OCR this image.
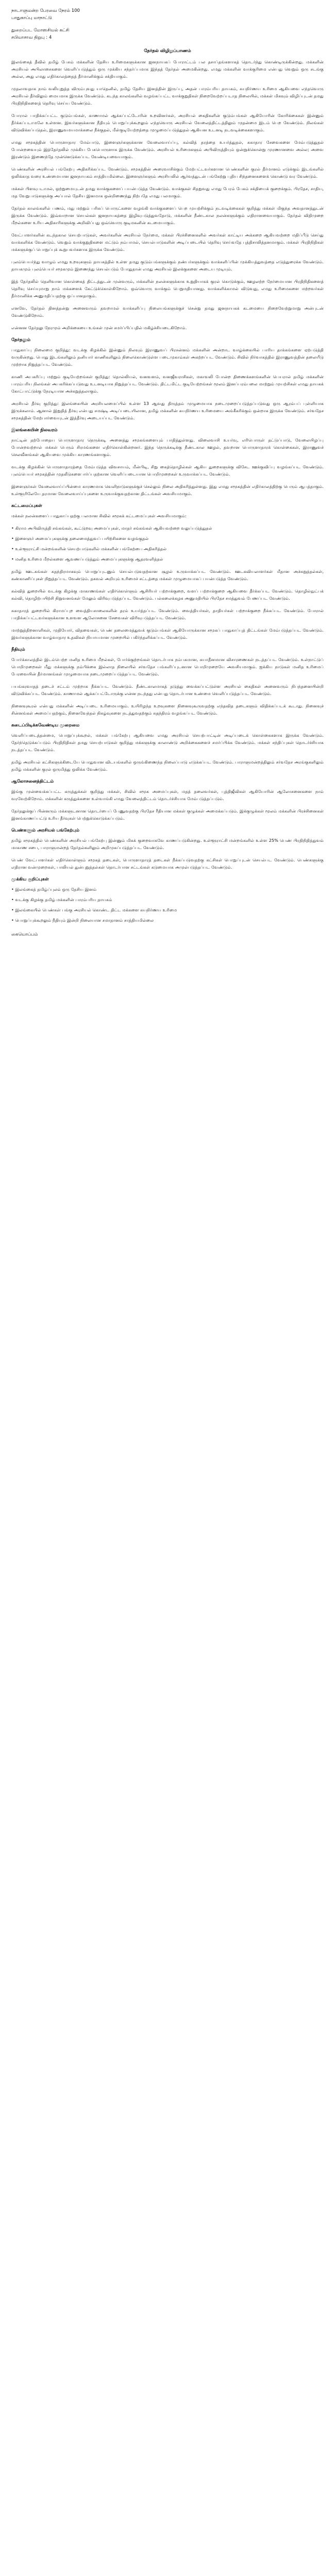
நாடாளுமன்ற பேரவை நேரம் 100

பாதுகாப்பு மாநாட்டு

துறைப்பட மோஸசியல் கட்சி

சபியாசாவ திறுபு : 4

தேர்தல் விழிறுப்பாணம்

இலங்கைத் தீவில் தமிழ் பேசும் மக்களின் தேசிய உரிமைகளுக்கான ஜனநாயகப் போராட்டம் பல தசாப்தங்களாகத் தொடர்ந்து கொண்டிருக்கின்றது. மக்களின் அரசியல் அபிலாசைகளை வெளிப்படுத்தும் ஒரு முக்கிய சந்தர்ப்பமாக இந்தத் தேர்தல் அமைகின்றது. எமது மக்களின் வாக்குரிமை என்பது வெறும் ஒரு சடங்கு அல்ல, அது எமது எதிர்காலத்தைத் தீர்மானிக்கும் சக்தியாகும்.

முதலாவதாக நாம் வலியுறுத்த விரும்புவது யாதெனில், தமிழ் தேசிய இனத்தின் இருப்பு, அதன் பாரம்பரிய தாயகம், சுயநிர்ணய உரிமை ஆகியவை எந்தவொரு அரசியல் தீர்விலும் மையமாக இருக்க வேண்டும். கடந்த காலங்களில் வழங்கப்பட்ட வாக்குறுதிகள் நிறைவேற்றப்படாத நிலையில், மக்கள் மிகவும் விழிப்புடன் தமது பிரதிநிதிகளைத் தெரிவு செய்ய வேண்டும்.

போரால் பாதிக்கப்பட்ட குடும்பங்கள், காணாமல் ஆக்கப்பட்டோரின் உறவினர்கள், அரசியல் கைதிகளின் குடும்பங்கள் ஆகியோரின் கோரிக்கைகள் இன்னும் தீர்க்கப்படாமலே உள்ளன. இவர்களுக்கான நீதியும் பொறுப்புக்கூறலும் எந்தவொரு அரசியல் வேலைத்திட்டத்திலும் முதன்மை இடம் பெற வேண்டும். நிலங்கள் விடுவிக்கப்படுதல், இராணுவமயமாக்கலை நீக்குதல், மீள்குடியேற்றத்தை முழுமைப்படுத்துதல் ஆகியன உடனடி நடவடிக்கைகளாகும்.

எமது சமூகத்தின் பொருளாதார மேம்பாடு, இளைஞர்களுக்கான வேலைவாய்ப்பு, கல்வித் தரத்தை உயர்த்துதல், சுகாதார சேவைகளை மேம்படுத்துதல் போன்றவையும் இத்தேர்தலில் முக்கிய பேசுபொருளாக இருக்க வேண்டும். அரசியல் உரிமைகளும் அபிவிருத்தியும் ஒன்றுக்கொன்று முரணானவை அல்ல; அவை இரண்டும் இணைந்தே முன்னெடுக்கப்பட வேண்டியவையாகும்.

பெண்களின் அரசியல் பங்கேற்பு அதிகரிக்கப்பட வேண்டும். சமூகத்தின் அரைவாசிக்கும் மேற்பட்டவர்களான பெண்களின் குரல் தீர்மானம் எடுக்கும் இடங்களில் ஒலிக்காத வரை உண்மையான ஜனநாயகம் சாத்தியமில்லை. இளைஞர்களும் அரசியலில் ஆர்வத்துடன் பங்கேற்று புதிய சிந்தனைகளைக் கொண்டு வர வேண்டும்.

மக்கள் பிளவுபடாமல், ஒற்றுமையுடன் தமது வாக்குகளைப் பயன்படுத்த வேண்டும். வாக்குகள் சிதறுவது எமது பேரம் பேசும் சக்தியைக் குறைக்கும். பிரதேச, சாதிய, மத வேறுபாடுகளுக்கு அப்பால் தேசிய இனமாக ஒன்றிணைந்து நிற்பதே எமது பலமாகும்.

தேர்தல் காலங்களில் பணம், மது மற்றும் பரிசுப் பொருட்களை வழங்கி வாக்குகளைப் பெற முயற்சிக்கும் நடவடிக்கைகள் குறித்து மக்கள் மிகுந்த அவதானத்துடன் இருக்க வேண்டும். இவ்வாறான செயல்கள் ஜனநாயகத்தை இழிவுபடுத்துவதோடு, மக்களின் நீண்டகால நலன்களுக்கும் எதிரானவையாகும். தேர்தல் விதிமுறை மீறல்களை உரிய அதிகாரிகளுக்கு அறிவிப்பது ஒவ்வொரு குடிமகனின் கடமையாகும்.

வேட்பாளர்களின் கடந்தகால செயற்பாடுகள், அவர்களின் அரசியல் நேர்மை, மக்கள் பிரச்சினைகளில் அவர்கள் காட்டிய அக்கறை ஆகியவற்றை மதிப்பீடு செய்து வாக்களிக்க வேண்டும். வெறும் வாக்குறுதிகளை மட்டும் நம்பாமல், செயல்பாடுகளின் அடிப்படையில் தெரிவு செய்வதே புத்திசாலித்தனமாகும். மக்கள் பிரதிநிதிகள் மக்களுக்குப் பொறுப்புக் கூறுபவர்களாக இருக்க வேண்டும்.

புலம்பெயர்ந்து வாழும் எமது உறவுகளும் தாயகத்தில் உள்ள தமது குடும்பங்களுக்கும் நண்பர்களுக்கும் வாக்களிப்பின் முக்கியத்துவத்தை எடுத்துரைக்க வேண்டும். தாயகமும் புலம்பெயர் சமூகமும் இணைந்து செயல்படும் போதுதான் எமது அரசியல் இலக்குகளை அடைய முடியும்.

இத் தேர்தலில் தெளிவான கொள்கைத் திட்டத்துடன் முன்வரும், மக்களின் நலன்களுக்காக உறுதியாகக் குரல் கொடுக்கும், ஊழலற்ற நேர்மையான பிரதிநிதிகளைத் தெரிவு செய்யுமாறு நாம் மக்களைக் கேட்டுக்கொள்கிறோம். ஒவ்வொரு வாக்கும் பெறுமதியானது. வாக்களிக்காமல் விடுவது, எமது உரிமைகளை மற்றவர்கள் தீர்மானிக்க அனுமதிப்பதற்கு ஒப்பானதாகும்.

எனவே, தேர்தல் தினத்தன்று அனைவரும் தவறாமல் வாக்களிப்பு நிலையங்களுக்குச் சென்று தமது ஜனநாயகக் கடமையை நிறைவேற்றுமாறு அன்புடன் வேண்டுகிறோம்.

என்னன தேர்தலு நேரமும் அறிக்கையை உங்கள் முன் சமர்ப்பிப்பதில் மகிழ்ச்சியடைகிறோம்.

தேர்தலும்

பாதுகாப்பு நிலைமை குறித்து: வடக்கு கிழக்கில் இன்னும் நிலவும் இராணுவப் பிரசன்னம் மக்களின் அன்றாட வாழ்க்கையில் பாரிய தாக்கங்களை ஏற்படுத்தி வருகின்றது. பொது இடங்களிலும் தனியார் காணிகளிலும் நிலைகொண்டுள்ள படைமுகாம்கள் அகற்றப்பட வேண்டும். சிவில் நிர்வாகத்தில் இராணுவத்தின் தலையீடு முற்றாக நிறுத்தப்பட வேண்டும்.

காணி அபகரிப்பு மற்றும் குடியேற்றங்கள் குறித்து: தொல்லியல், வனவளம், வனஜீவராசிகள், மகாவலி போன்ற திணைக்களங்களின் பெயரால் தமிழ் மக்களின் பாரம்பரிய நிலங்கள் அபகரிக்கப்படுவது உடனடியாக நிறுத்தப்பட வேண்டும். திட்டமிட்ட குடியேற்றங்கள் மூலம் இனப்பரம்பலை மாற்றும் முயற்சிகள் எமது தாயகக் கோட்பாட்டுக்கு நேரடியான அச்சுறுத்தலாகும்.

அரசியல் தீர்வு குறித்து: இலங்கையின் அரசியலமைப்பில் உள்ள 13 ஆவது திருத்தம் முழுமையாக நடைமுறைப்படுத்தப்படுவது ஒரு ஆரம்பப் புள்ளியாக இருக்கலாம். ஆனால் இறுதித் தீர்வு என்பது சமஷ்டி அடிப்படையிலான, தமிழ் மக்களின் சுயநிர்ணய உரிமையை அங்கீகரிக்கும் ஒன்றாக இருக்க வேண்டும். சர்வதேச சமூகத்தின் மேற்பார்வையுடன் இத்தீர்வு அடையப்பட வேண்டும்.

இலங்கையின் நிலவரம்

நாட்டின் தற்போதைய பொருளாதார நெருக்கடி அனைத்து சமூகங்களையும் பாதித்துள்ளது. விலைவாசி உயர்வு, எரிபொருள் தட்டுப்பாடு, வேலையிழப்பு போன்றவற்றால் மக்கள் பெரும் சிரமங்களை எதிர்கொள்கின்றனர். இந்த நெருக்கடிக்கு நீண்டகால ஊழல், தவறான பொருளாதாரக் கொள்கைகள், இராணுவச் செலவீனங்கள் ஆகியவை முக்கிய காரணங்களாகும்.

வடக்கு கிழக்கின் பொருளாதாரத்தை மேம்படுத்த விவசாயம், மீன்பிடி, சிறு கைத்தொழில்கள் ஆகிய துறைகளுக்கு விசேட ஊக்குவிப்பு வழங்கப்பட வேண்டும். புலம்பெயர் சமூகத்தின் முதலீடுகளை ஈர்ப்பதற்கான வெளிப்படையான பொறிமுறைகள் உருவாக்கப்பட வேண்டும்.

இளைஞர்கள் வேலைவாய்ப்பின்மை காரணமாக வெளிநாடுகளுக்குச் செல்லும் நிலை அதிகரித்துள்ளது. இது எமது சமூகத்தின் எதிர்காலத்திற்கு பெரும் ஆபத்தாகும். உள்ளூரிலேயே தரமான வேலைவாய்ப்புகளை உருவாக்குவதற்கான திட்டங்கள் அவசியமாகும்.

கட்டமைப்புகள்

மக்கள் நலன்களைப் பாதுகாப்பதற்கு பலமான சிவில் சமூகக் கட்டமைப்புகள் அவசியமாகும்:

• கிராம அபிவிருத்தி சங்கங்கள், கூட்டுறவு அமைப்புகள், மாதர் சங்கங்கள் ஆகியவற்றை வலுப்படுத்துதல்
• இளைஞர் அமைப்புகளுக்கு தலைமைத்துவப் பயிற்சிகளை வழங்குதல்
• உள்ளூராட்சி மன்றங்களின் செயற்பாடுகளில் மக்களின் பங்கேற்பை அதிகரித்தல்
• மனித உரிமை மீறல்களை ஆவணப்படுத்தும் அமைப்புகளுக்கு ஆதரவளித்தல்

தமிழ் ஊடகங்கள் சுதந்திரமாகவும் பொறுப்புடனும் செயல்படுவதற்கான சூழல் உருவாக்கப்பட வேண்டும். ஊடகவியலாளர்கள் மீதான அச்சுறுத்தல்கள், கண்காணிப்புகள் நிறுத்தப்பட வேண்டும். தகவல் அறியும் உரிமைச் சட்டத்தை மக்கள் முழுமையாகப் பயன்படுத்த வேண்டும்.

கல்வித் துறையில் வடக்கு கிழக்கு மாகாணங்கள் எதிர்கொள்ளும் ஆசிரியர் பற்றாக்குறை, வளப் பற்றாக்குறை ஆகியவை தீர்க்கப்பட வேண்டும். தொழில்நுட்பக் கல்வி, தொழிற்பயிற்சி நிறுவனங்கள் மேலும் விரிவுபடுத்தப்பட வேண்டும். பல்கலைக்கழக அனுமதியில் பிரதேச சமத்துவம் பேணப்பட வேண்டும்.

சுகாதாரத் துறையில் கிராமப்புற வைத்தியசாலைகளின் தரம் உயர்த்தப்பட வேண்டும். வைத்தியர்கள், தாதியர்கள் பற்றாக்குறை நீக்கப்பட வேண்டும். போரால் பாதிக்கப்பட்டவர்களுக்கான உளவள ஆலோசனை சேவைகள் விரிவுபடுத்தப்பட வேண்டும்.

மாற்றுத்திறனாளிகள், முதியோர், விதவைகள், பெண் தலைமைத்துவக் குடும்பங்கள் ஆகியோருக்கான சமூகப் பாதுகாப்புத் திட்டங்கள் மேம்படுத்தப்பட வேண்டும். இவர்களுக்கான வாழ்வாதார உதவிகள் நியாயமான முறையில் பகிர்ந்தளிக்கப்பட வேண்டும்.

நீதியும்

போர்க்காலத்தில் இடம்பெற்ற மனித உரிமை மீறல்கள், போர்க்குற்றங்கள் தொடர்பாக நம்பகமான, சுயாதீனமான விசாரணைகள் நடத்தப்பட வேண்டும். உள்நாட்டுப் பொறிமுறைகள் மீது மக்களுக்கு நம்பிக்கை இல்லாத நிலையில் சர்வதேச பங்களிப்புடனான பொறிமுறையே அவசியமாகும். ஐக்கிய நாடுகள் மனித உரிமைப் பேரவையின் தீர்மானங்கள் முழுமையாக நடைமுறைப்படுத்தப்பட வேண்டும்.

பயங்கரவாதத் தடைச் சட்டம் முற்றாக நீக்கப்பட வேண்டும். நீண்டகாலமாகத் தடுத்து வைக்கப்பட்டுள்ள அரசியல் கைதிகள் அனைவரும் நிபந்தனையின்றி விடுவிக்கப்பட வேண்டும். காணாமல் ஆக்கப்பட்டோருக்கு என்ன நடந்தது என்பது தொடர்பான உண்மை வெளிப்படுத்தப்பட வேண்டும்.

நினைவுகூரல் என்பது மக்களின் அடிப்படை உரிமையாகும். உயிரிழந்த உறவுகளை நினைவுகூருவதற்கு எந்தவித தடைகளும் விதிக்கப்படக் கூடாது. நினைவுச் சின்னங்கள் அமைப்பதற்கும், நினைவேந்தல் நிகழ்வுகளை நடத்துவதற்கும் சுதந்திரம் வழங்கப்பட வேண்டும்.

கடைப்பிடிக்கவேண்டிய முறைமை

வெளிப்படைத்தன்மை, பொறுப்புக்கூறல், மக்கள் பங்கேற்பு ஆகியவை எமது அரசியல் செயற்பாட்டின் அடிப்படைக் கொள்கைகளாக இருக்க வேண்டும். தேர்ந்தெடுக்கப்படும் பிரதிநிதிகள் தமது செயற்பாடுகள் குறித்து மக்களுக்கு காலாண்டு அறிக்கைகளைச் சமர்ப்பிக்க வேண்டும். மக்கள் சந்திப்புகள் தொடர்ச்சியாக நடத்தப்பட வேண்டும்.

தமிழ் அரசியல் கட்சிகளுக்கிடையே பொதுவான விடயங்களில் ஒருங்கிணைந்த நிலைப்பாடு எடுக்கப்பட வேண்டும். பாராளுமன்றத்திலும் சர்வதேச அரங்குகளிலும் தமிழ் மக்களின் குரல் ஒருமித்து ஒலிக்க வேண்டும்.

ஆலோசனைத்திட்டம்

இங்கு முன்வைக்கப்பட்ட கருத்துக்கள் குறித்து மக்கள், சிவில் சமூக அமைப்புகள், மதத் தலைவர்கள், புத்திஜீவிகள் ஆகியோரின் ஆலோசனைகளை நாம் வரவேற்கிறோம். மக்களின் கருத்துக்களை உள்வாங்கி எமது வேலைத்திட்டம் தொடர்ச்சியாக மேம்படுத்தப்படும்.

தேர்தலுக்குப் பின்னரும் மக்களுடனான தொடர்பைப் பேணுவதற்கு பிரதேச ரீதியான மக்கள் குழுக்கள் அமைக்கப்படும். இக்குழுக்கள் மூலம் மக்களின் பிரச்சினைகள் இனங்காணப்பட்டு உரிய தீர்வுகள் பெற்றுக்கொடுக்கப்படும்.

பெண்களும் அரசியல் பங்கேற்பும்

தமிழ் சமூகத்தில் பெண்களின் அரசியல் பங்கேற்பு இன்னும் மிகக் குறைவாகவே காணப்படுகின்றது. உள்ளூராட்சி மன்றங்களில் உள்ள 25% பெண் பிரதிநிதித்துவம் மாகாண சபை, பாராளுமன்றத் தேர்தல்களிலும் அறிமுகப்படுத்தப்பட வேண்டும்.

பெண் வேட்பாளர்கள் எதிர்கொள்ளும் சமூகத் தடைகள், பொருளாதாரத் தடைகள் நீக்கப்படுவதற்கு கட்சிகள் பொறுப்புடன் செயல்பட வேண்டும். பெண்களுக்கு எதிரான வன்முறைகள், பாலியல் துன்புறுத்தல்கள் தொடர்பான சட்டங்கள் கடுமையாக அமுல்படுத்தப்பட வேண்டும்.

முக்கிய குறிப்புகள்
• இலங்கைத் தமிழ்ப்புலம் ஒரு தேசிய இனம்
• வடக்கு கிழக்கு தமிழ் மக்களின் பாரம்பரிய தாயகம்
• இலங்கையில் பெண்கள் பங்கு அரசியல் கொண்ட திட்ட மக்களை சுயநிர்ணய உரிமை
• பொறுப்புக்கூறலும் நீதியும் இன்றி நிலையான சமாதானம் சாத்தியமில்லை
கையொப்பம்
